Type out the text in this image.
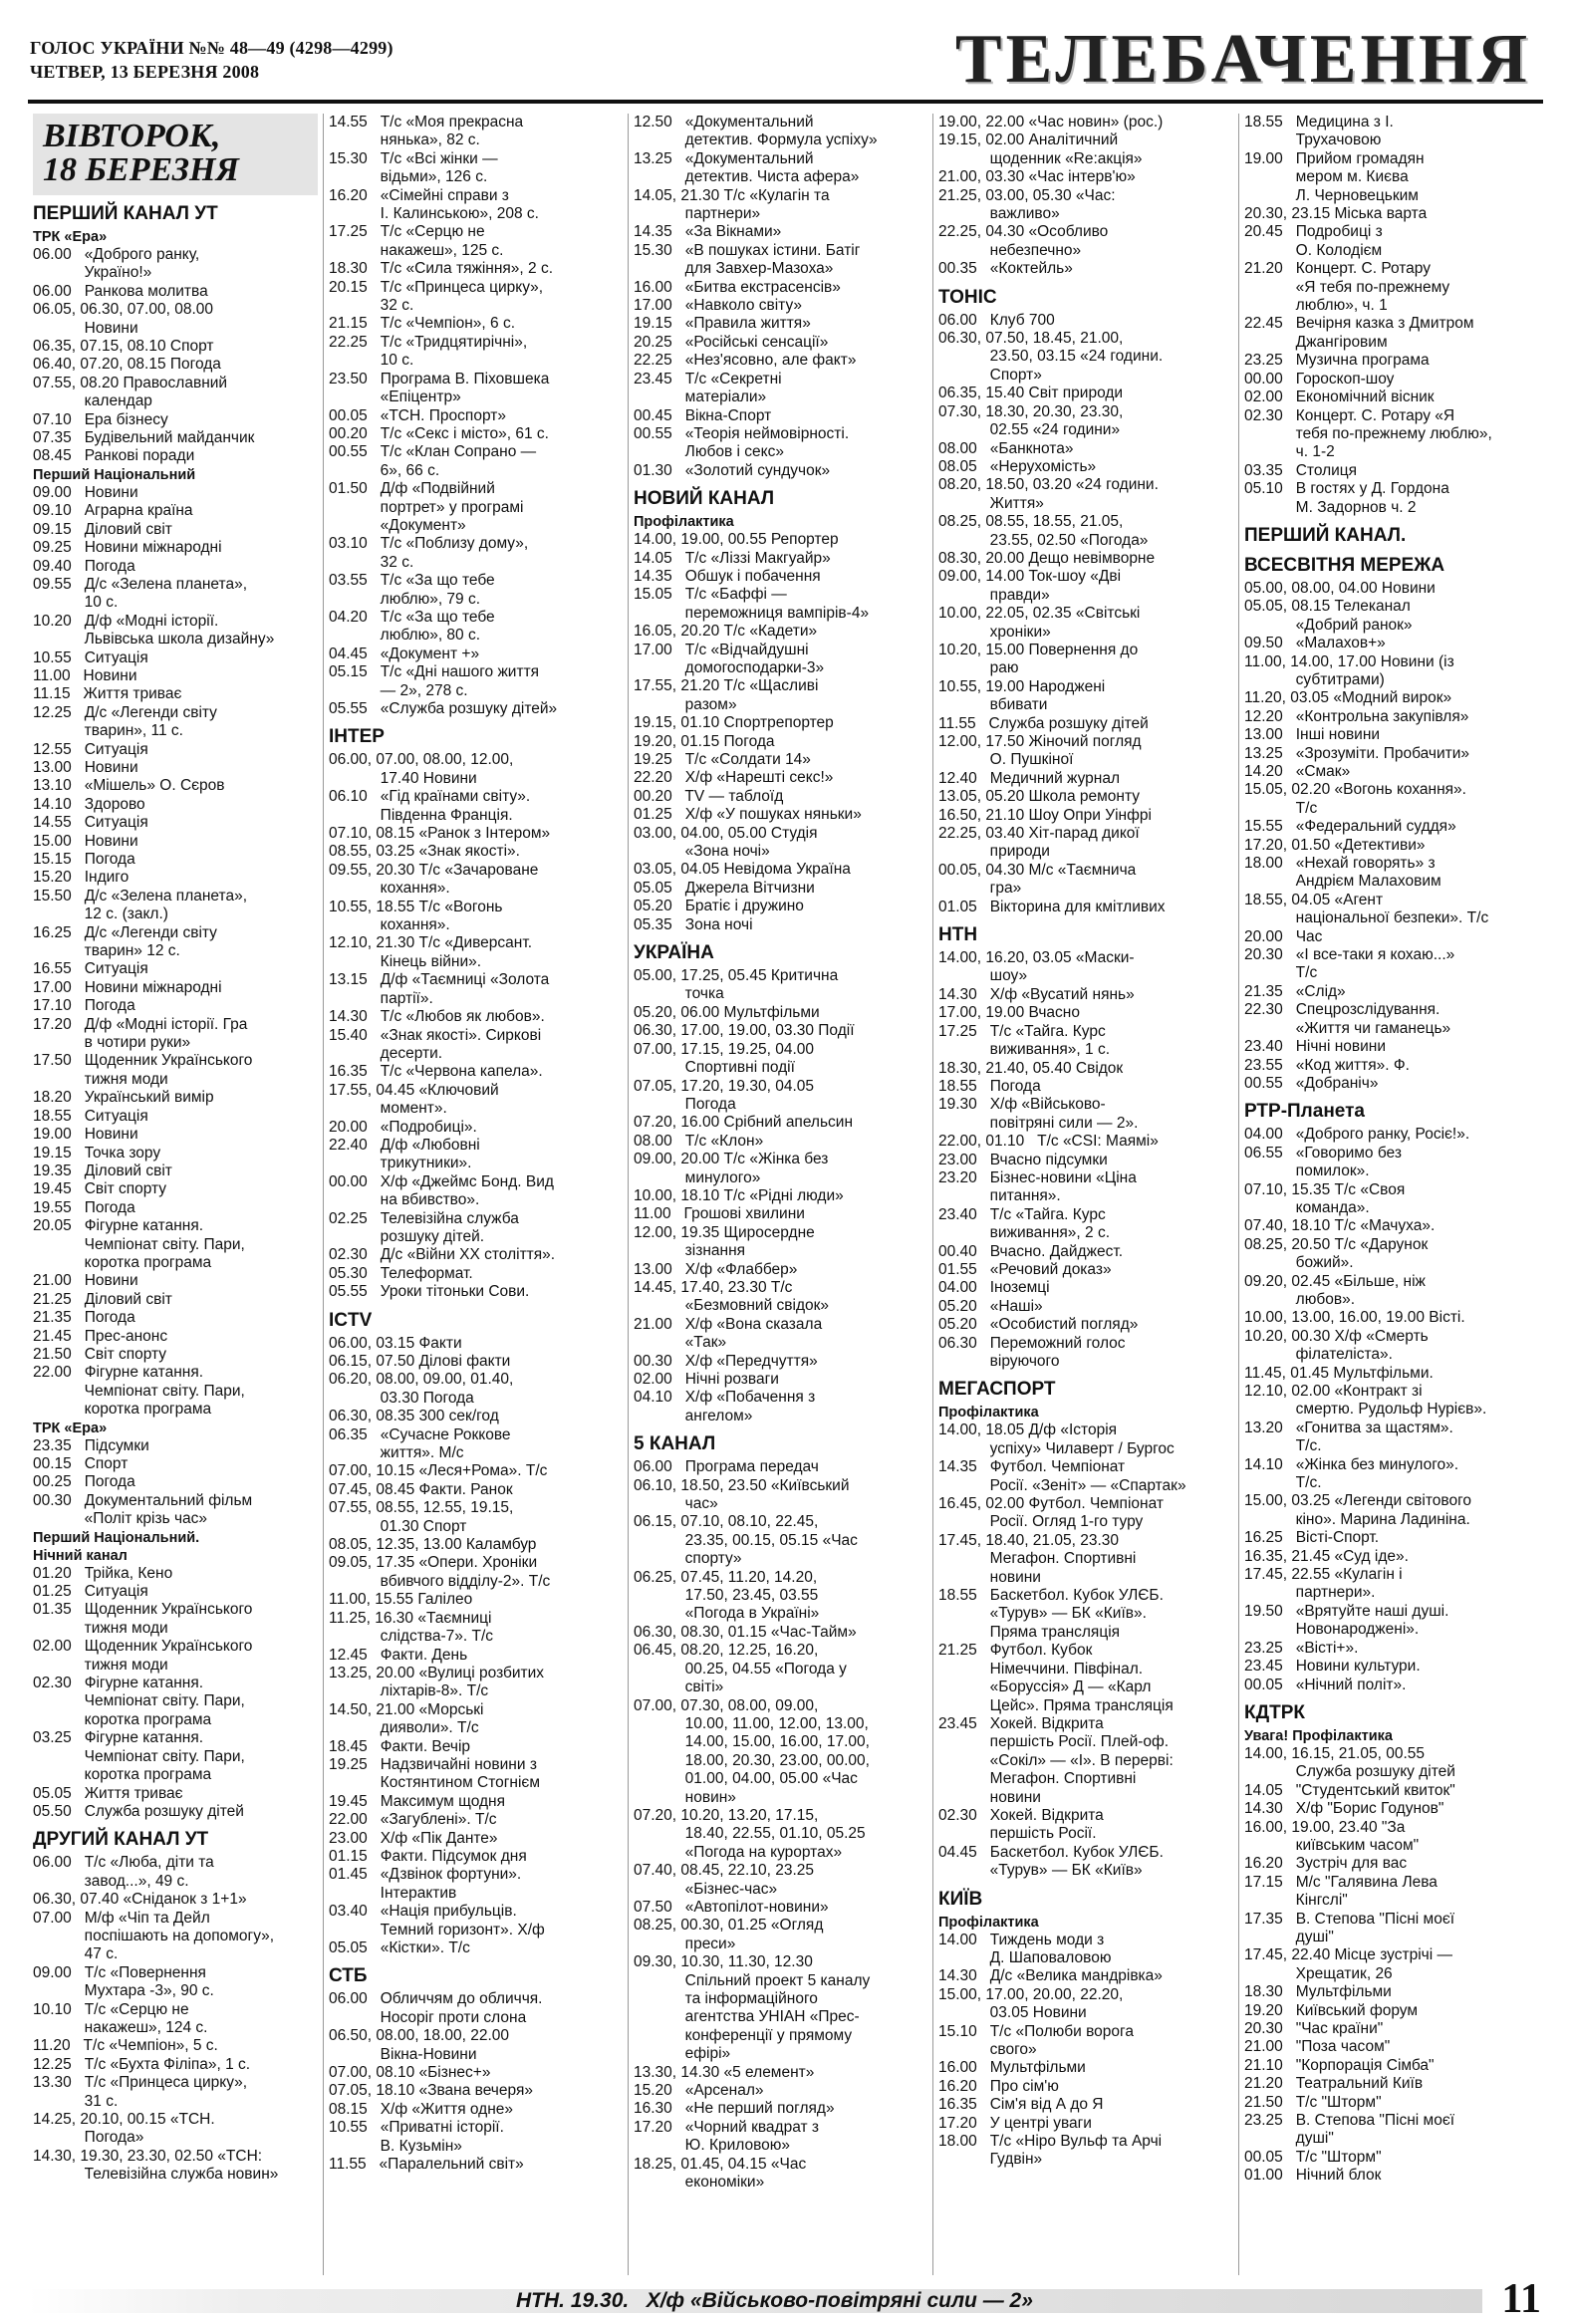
ГОЛОС УКРАЇНИ №№ 48—49 (4298—4299)
ЧЕТВЕР, 13 БЕРЕЗНЯ 2008	ТЕЛЕБАЧЕННЯ
ВІВТОРОК,
18 БЕРЕЗНЯ
ПЕРШИЙ КАНАЛ УТ
ТРК «Ера»
06.00   «Доброго ранку,
Україно!»
06.00   Ранкова молитва
06.05, 06.30, 07.00, 08.00
Новини
06.35, 07.15, 08.10 Спорт
06.40, 07.20, 08.15 Погода
07.55, 08.20 Православний
календар
07.10   Ера бізнесу
07.35   Будівельний майданчик
08.45   Ранкові поради
Перший Національний
09.00   Новини
09.10   Аграрна країна
09.15   Діловий світ
09.25   Новини міжнародні
09.40   Погода
09.55   Д/с «Зелена планета»,
10 с.
10.20   Д/ф «Модні історії.
Львівська школа дизайну»
10.55   Ситуація
11.00   Новини
11.15   Життя триває
12.25   Д/с «Легенди світу
тварин», 11 с.
12.55   Ситуація
13.00   Новини
13.10   «Мішель» О. Сєров
14.10   Здорово
14.55   Ситуація
15.00   Новини
15.15   Погода
15.20   Індиго
15.50   Д/с «Зелена планета»,
12 с. (закл.)
16.25   Д/с «Легенди світу
тварин» 12 с.
16.55   Ситуація
17.00   Новини міжнародні
17.10   Погода
17.20   Д/ф «Модні історії. Гра
в чотири руки»
17.50   Щоденник Українського
тижня моди
18.20   Український вимір
18.55   Ситуація
19.00   Новини
19.15   Точка зору
19.35   Діловий світ
19.45   Світ спорту
19.55   Погода
20.05   Фігурне катання.
Чемпіонат світу. Пари,
коротка програма
21.00   Новини
21.25   Діловий світ
21.35   Погода
21.45   Прес-анонс
21.50   Світ спорту
22.00   Фігурне катання.
Чемпіонат світу. Пари,
коротка програма
ТРК «Ера»
23.35   Підсумки
00.15   Спорт
00.25   Погода
00.30   Документальний фільм
«Політ крізь час»
Перший Національний.
Нічний канал
01.20   Трійка, Кено
01.25   Ситуація
01.35   Щоденник Українського
тижня моди
02.00   Щоденник Українського
тижня моди
02.30   Фігурне катання.
Чемпіонат світу. Пари,
коротка програма
03.25   Фігурне катання.
Чемпіонат світу. Пари,
коротка програма
05.05   Життя триває
05.50   Служба розшуку дітей
ДРУГИЙ КАНАЛ УТ
06.00   Т/с «Люба, діти та
завод...», 49 с.
06.30, 07.40 «Сніданок з 1+1»
07.00   М/ф «Чіп та Дейл
поспішають на допомогу»,
47 с.
09.00   Т/с «Повернення
Мухтара -3», 90 с.
10.10   Т/с «Серцю не
накажеш», 124 с.
11.20   Т/с «Чемпіон», 5 с.
12.25   Т/с «Бухта Філіпа», 1 с.
13.30   Т/с «Принцеса цирку»,
31 с.
14.25, 20.10, 00.15 «ТСН.
Погода»
14.30, 19.30, 23.30, 02.50 «ТСН:
Телевізійна служба новин»
14.55   Т/с «Моя прекрасна
нянька», 82 с.
15.30   Т/с «Всі жінки —
відьми», 126 с.
16.20   «Сімейні справи з
І. Калинською», 208 с.
17.25   Т/с «Серцю не
накажеш», 125 с.
18.30   Т/с «Сила тяжіння», 2 с.
20.15   Т/с «Принцеса цирку»,
32 с.
21.15   Т/с «Чемпіон», 6 с.
22.25   Т/с «Тридцятирічні»,
10 с.
23.50   Програма В. Піховшека
«Епіцентр»
00.05   «ТСН. Проспорт»
00.20   Т/с «Секс і місто», 61 с.
00.55   Т/с «Клан Сопрано —
6», 66 с.
01.50   Д/ф «Подвійний
портрет» у програмі
«Документ»
03.10   Т/с «Поблизу дому»,
32 с.
03.55   Т/с «За що тебе
люблю», 79 с.
04.20   Т/с «За що тебе
люблю», 80 с.
04.45   «Документ +»
05.15   Т/с «Дні нашого життя
— 2», 278 с.
05.55   «Служба розшуку дітей»
ІНТЕР
06.00, 07.00, 08.00, 12.00,
17.40 Новини
06.10   «Гід країнами світу».
Південна Франція.
07.10, 08.15 «Ранок з Інтером»
08.55, 03.25 «Знак якості».
09.55, 20.30 Т/с «Зачароване
кохання».
10.55, 18.55 Т/с «Вогонь
кохання».
12.10, 21.30 Т/с «Диверсант.
Кінець війни».
13.15   Д/ф «Таємниці «Золота
партії».
14.30   Т/с «Любов як любов».
15.40   «Знак якості». Сиркові
десерти.
16.35   Т/с «Червона капела».
17.55, 04.45 «Ключовий
момент».
20.00   «Подробиці».
22.40   Д/ф «Любовні
трикутники».
00.00   Х/ф «Джеймс Бонд. Вид
на вбивство».
02.25   Телевізійна служба
розшуку дітей.
02.30   Д/с «Війни ХХ століття».
05.30   Телеформат.
05.55   Уроки тітоньки Сови.
ICTV
06.00, 03.15 Факти
06.15, 07.50 Ділові факти
06.20, 08.00, 09.00, 01.40,
03.30 Погода
06.30, 08.35 300 сек/год
06.35   «Сучасне Роккове
життя». М/с
07.00, 10.15 «Леся+Рома». Т/с
07.45, 08.45 Факти. Ранок
07.55, 08.55, 12.55, 19.15,
01.30 Спорт
08.05, 12.35, 13.00 Каламбур
09.05, 17.35 «Опери. Хроніки
вбивчого відділу-2». Т/с
11.00, 15.55 Галілео
11.25, 16.30 «Таємниці
слідства-7». Т/с
12.45   Факти. День
13.25, 20.00 «Вулиці розбитих
ліхтарів-8». Т/с
14.50, 21.00 «Морські
дияволи». Т/с
18.45   Факти. Вечір
19.25   Надзвичайні новини з
Костянтином Стогнієм
19.45   Максимум щодня
22.00   «Загублені». Т/с
23.00   Х/ф «Пік Данте»
01.15   Факти. Підсумок дня
01.45   «Дзвінок фортуни».
Інтерактив
03.40   «Нація прибульців.
Темний горизонт». Х/ф
05.05   «Кістки». Т/с
СТБ
06.00   Обличчям до обличчя.
Носоріг проти слона
06.50, 08.00, 18.00, 22.00
Вікна-Новини
07.00, 08.10 «Бізнес+»
07.05, 18.10 «Звана вечеря»
08.15   Х/ф «Життя одне»
10.55   «Приватні історії.
В. Кузьмін»
11.55   «Паралельний світ»
12.50   «Документальний
детектив. Формула успіху»
13.25   «Документальний
детектив. Чиста афера»
14.05, 21.30 Т/с «Кулагін та
партнери»
14.35   «За Вікнами»
15.30   «В пошуках істини. Батіг
для Завхер-Мазоха»
16.00   «Битва екстрасенсів»
17.00   «Навколо світу»
19.15   «Правила життя»
20.25   «Російські сенсації»
22.25   «Нез'ясовно, але факт»
23.45   Т/с «Секретні
матеріали»
00.45   Вікна-Спорт
00.55   «Теорія неймовірності.
Любов і секс»
01.30   «Золотий сундучок»
НОВИЙ КАНАЛ
Профілактика
14.00, 19.00, 00.55 Репортер
14.05   Т/с «Ліззі Макгуайр»
14.35   Обшук і побачення
15.05   Т/с «Баффі —
переможниця вампірів-4»
16.05, 20.20 Т/с «Кадети»
17.00   Т/с «Відчайдушні
домогосподарки-3»
17.55, 21.20 Т/с «Щасливі
разом»
19.15, 01.10 Спортрепортер
19.20, 01.15 Погода
19.25   Т/с «Солдати 14»
22.20   Х/ф «Нарешті секс!»
00.20   TV — таблоїд
01.25   Х/ф «У пошуках няньки»
03.00, 04.00, 05.00 Студія
«Зона ночі»
03.05, 04.05 Невідома Україна
05.05   Джерела Вітчизни
05.20   Братіє і дружино
05.35   Зона ночі
УКРАЇНА
05.00, 17.25, 05.45 Критична
точка
05.20, 06.00 Мультфільми
06.30, 17.00, 19.00, 03.30 Події
07.00, 17.15, 19.25, 04.00
Спортивні події
07.05, 17.20, 19.30, 04.05
Погода
07.20, 16.00 Срібний апельсин
08.00   Т/с «Клон»
09.00, 20.00 Т/с «Жінка без
минулого»
10.00, 18.10 Т/с «Рідні люди»
11.00   Грошові хвилини
12.00, 19.35 Щиросердне
зізнання
13.00   Х/ф «Флаббер»
14.45, 17.40, 23.30 Т/с
«Безмовний свідок»
21.00   Х/ф «Вона сказала
«Так»
00.30   Х/ф «Передчуття»
02.00   Нічні розваги
04.10   Х/ф «Побачення з
ангелом»
5 КАНАЛ
06.00   Програма передач
06.10, 18.50, 23.50 «Київський
час»
06.15, 07.10, 08.10, 22.45,
23.35, 00.15, 05.15 «Час
спорту»
06.25, 07.45, 11.20, 14.20,
17.50, 23.45, 03.55
«Погода в Україні»
06.30, 08.30, 01.15 «Час-Тайм»
06.45, 08.20, 12.25, 16.20,
00.25, 04.55 «Погода у
світі»
07.00, 07.30, 08.00, 09.00,
10.00, 11.00, 12.00, 13.00,
14.00, 15.00, 16.00, 17.00,
18.00, 20.30, 23.00, 00.00,
01.00, 04.00, 05.00 «Час
новин»
07.20, 10.20, 13.20, 17.15,
18.40, 22.55, 01.10, 05.25
«Погода на курортах»
07.40, 08.45, 22.10, 23.25
«Бізнес-час»
07.50   «Автопілот-новини»
08.25, 00.30, 01.25 «Огляд
преси»
09.30, 10.30, 11.30, 12.30
Спільний проект 5 каналу
та інформаційного
агентства УНІАН «Прес-
конференції у прямому
ефірі»
13.30, 14.30 «5 елемент»
15.20   «Арсенал»
16.30   «Не перший погляд»
17.20   «Чорний квадрат з
Ю. Криловою»
18.25, 01.45, 04.15 «Час
економіки»
19.00, 22.00 «Час новин» (рос.)
19.15, 02.00 Аналітичний
щоденник «Re:акція»
21.00, 03.30 «Час інтерв'ю»
21.25, 03.00, 05.30 «Час:
важливо»
22.25, 04.30 «Особливо
небезпечно»
00.35   «Коктейль»
ТОНІС
06.00   Клуб 700
06.30, 07.50, 18.45, 21.00,
23.50, 03.15 «24 години.
Спорт»
06.35, 15.40 Світ природи
07.30, 18.30, 20.30, 23.30,
02.55 «24 години»
08.00   «Банкнота»
08.05   «Нерухомість»
08.20, 18.50, 03.20 «24 години.
Життя»
08.25, 08.55, 18.55, 21.05,
23.55, 02.50 «Погода»
08.30, 20.00 Дещо невімворне
09.00, 14.00 Ток-шоу «Дві
правди»
10.00, 22.05, 02.35 «Світські
хроніки»
10.20, 15.00 Повернення до
раю
10.55, 19.00 Народжені
вбивати
11.55   Служба розшуку дітей
12.00, 17.50 Жіночий погляд
О. Пушкіної
12.40   Медичний журнал
13.05, 05.20 Школа ремонту
16.50, 21.10 Шоу Опри Уінфрі
22.25, 03.40 Хіт-парад дикої
природи
00.05, 04.30 М/с «Таємнича
гра»
01.05   Вікторина для кмітливих
НТН
14.00, 16.20, 03.05 «Маски-
шоу»
14.30   Х/ф «Вусатий нянь»
17.00, 19.00 Вчасно
17.25   Т/с «Тайга. Курс
виживання», 1 с.
18.30, 21.40, 05.40 Свідок
18.55   Погода
19.30   Х/ф «Військово-
повітряні сили — 2».
22.00, 01.10   Т/с «CSI: Маямі»
23.00   Вчасно підсумки
23.20   Бізнес-новини «Ціна
питання».
23.40   Т/с «Тайга. Курс
виживання», 2 с.
00.40   Вчасно. Дайджест.
01.55   «Речовий доказ»
04.00   Іноземці
05.20   «Наші»
05.20   «Особистий погляд»
06.30   Переможний голос
віруючого
МЕГАСПОРТ
Профілактика
14.00, 18.05 Д/ф «Історія
успіху» Чилаверт / Бургос
14.35   Футбол. Чемпіонат
Росії. «Зеніт» — «Спартак»
16.45, 02.00 Футбол. Чемпіонат
Росії. Огляд 1-го туру
17.45, 18.40, 21.05, 23.30
Мегафон. Спортивні
новини
18.55   Баскетбол. Кубок УЛЄБ.
«Турув» — БК «Київ».
Пряма трансляція
21.25   Футбол. Кубок
Німеччини. Півфінал.
«Боруссія» Д — «Карл
Цейс». Пряма трансляція
23.45   Хокей. Відкрита
першість Росії. Плей-оф.
«Сокіл» — «І». В перерві:
Мегафон. Спортивні
новини
02.30   Хокей. Відкрита
першість Росії.
04.45   Баскетбол. Кубок УЛЄБ.
«Турув» — БК «Київ»
КИЇВ
Профілактика
14.00   Тиждень моди з
Д. Шаповаловою
14.30   Д/с «Велика мандрівка»
15.00, 17.00, 20.00, 22.20,
03.05 Новини
15.10   Т/с «Полюби ворога
свого»
16.00   Мультфільми
16.20   Про сім'ю
16.35   Сім'я від А до Я
17.20   У центрі уваги
18.00   Т/с «Ніро Вульф та Арчі
Гудвін»
18.55   Медицина з І.
Трухачовою
19.00   Прийом громадян
мером м. Києва
Л. Черновецьким
20.30, 23.15 Міська варта
20.45   Подробиці з
О. Колодієм
21.20   Концерт. С. Ротару
«Я тебя по-прежнему
люблю», ч. 1
22.45   Вечірня казка з Дмитром
Джангіровим
23.25   Музична програма
00.00   Гороскоп-шоу
02.00   Економічний вісник
02.30   Концерт. С. Ротару «Я
тебя по-прежнему люблю»,
ч. 1-2
03.35   Столиця
05.10   В гостях у Д. Гордона
М. Задорнов ч. 2
ПЕРШИЙ КАНАЛ.
ВСЕСВІТНЯ МЕРЕЖА
05.00, 08.00, 04.00 Новини
05.05, 08.15 Телеканал
«Добрий ранок»
09.50   «Малахов+»
11.00, 14.00, 17.00 Новини (із
субтитрами)
11.20, 03.05 «Модний вирок»
12.20   «Контрольна закупівля»
13.00   Інші новини
13.25   «Зрозуміти. Пробачити»
14.20   «Смак»
15.05, 02.20 «Вогонь кохання».
Т/с
15.55   «Федеральний суддя»
17.20, 01.50 «Детективи»
18.00   «Нехай говорять» з
Андрієм Малаховим
18.55, 04.05 «Агент
національної безпеки». Т/с
20.00   Час
20.30   «І все-таки я кохаю...»
Т/с
21.35   «Слід»
22.30   Спецрозслідування.
«Життя чи гаманець»
23.40   Нічні новини
23.55   «Код життя». Ф.
00.55   «Добраніч»
РТР-Планета
04.00   «Доброго ранку, Росіє!».
06.55   «Говоримо без
помилок».
07.10, 15.35 Т/с «Своя
команда».
07.40, 18.10 Т/с «Мачуха».
08.25, 20.50 Т/с «Дарунок
божий».
09.20, 02.45 «Більше, ніж
любов».
10.00, 13.00, 16.00, 19.00 Вісті.
10.20, 00.30 Х/ф «Смерть
філателіста».
11.45, 01.45 Мультфільми.
12.10, 02.00 «Контракт зі
смертю. Рудольф Нурієв».
13.20   «Гонитва за щастям».
Т/с.
14.10   «Жінка без минулого».
Т/с.
15.00, 03.25 «Легенди світового
кіно». Марина Ладиніна.
16.25   Вісті-Спорт.
16.35, 21.45 «Суд іде».
17.45, 22.55 «Кулагін і
партнери».
19.50   «Врятуйте наші душі.
Новонароджені».
23.25   «Вісті+».
23.45   Новини культури.
00.05   «Нічний політ».
КДТРК
Увага! Профілактика
14.00, 16.15, 21.05, 00.55
Служба розшуку дітей
14.05   "Студентський квиток"
14.30   Х/ф "Борис Годунов"
16.00, 19.00, 23.40 "За
київським часом"
16.20   Зустріч для вас
17.15   М/с "Галявина Лева
Кінгслі"
17.35   В. Степова "Пісні моєї
душі"
17.45, 22.40 Місце зустрічі —
Хрещатик, 26
18.30   Мультфільми
19.20   Київський форум
20.30   "Час країни"
21.00   "Поза часом"
21.10   "Корпорація Сімба"
21.20   Театральний Київ
21.50   Т/с "Шторм"
23.25   В. Степова "Пісні моєї
душі"
00.05   Т/с "Шторм"
01.00   Нічний блок
НТН. 19.30.   Х/ф «Військово-повітряні сили — 2»	11
